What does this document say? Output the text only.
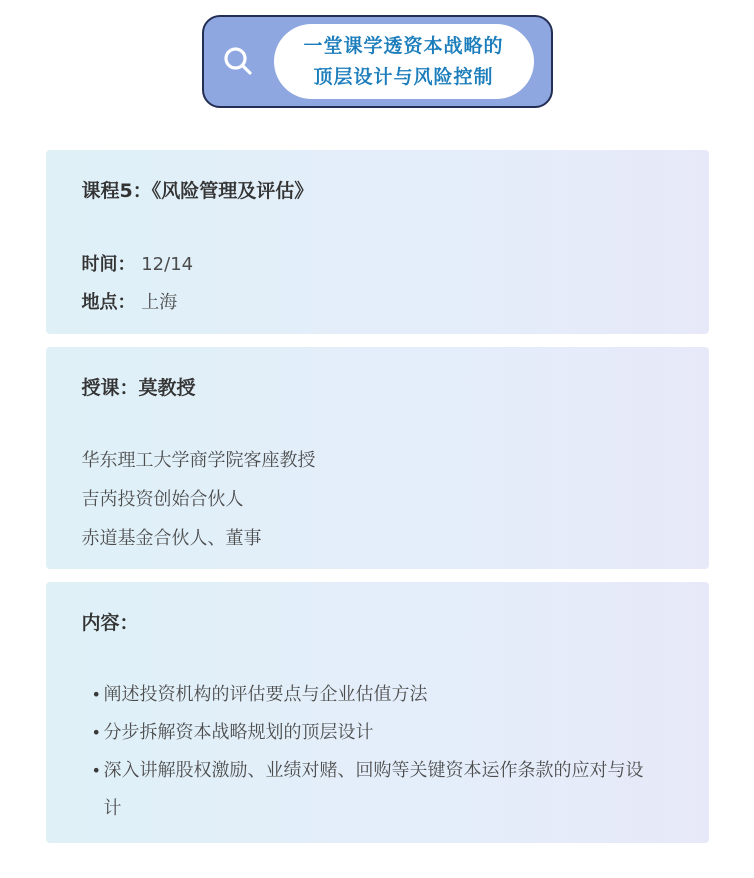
一堂课学透资本战略的
顶层设计与风险控制
课程5：《风险管理及评估》
时间： 12/14
地点： 上海
授课：莫教授
华东理工大学商学院客座教授
吉芮投资创始合伙人
赤道基金合伙人、董事
内容：
• 阐述投资机构的评估要点与企业估值方法
• 分步拆解资本战略规划的顶层设计
• 深入讲解股权激励、业绩对赌、回购等关键资本运作条款的应对与设计
